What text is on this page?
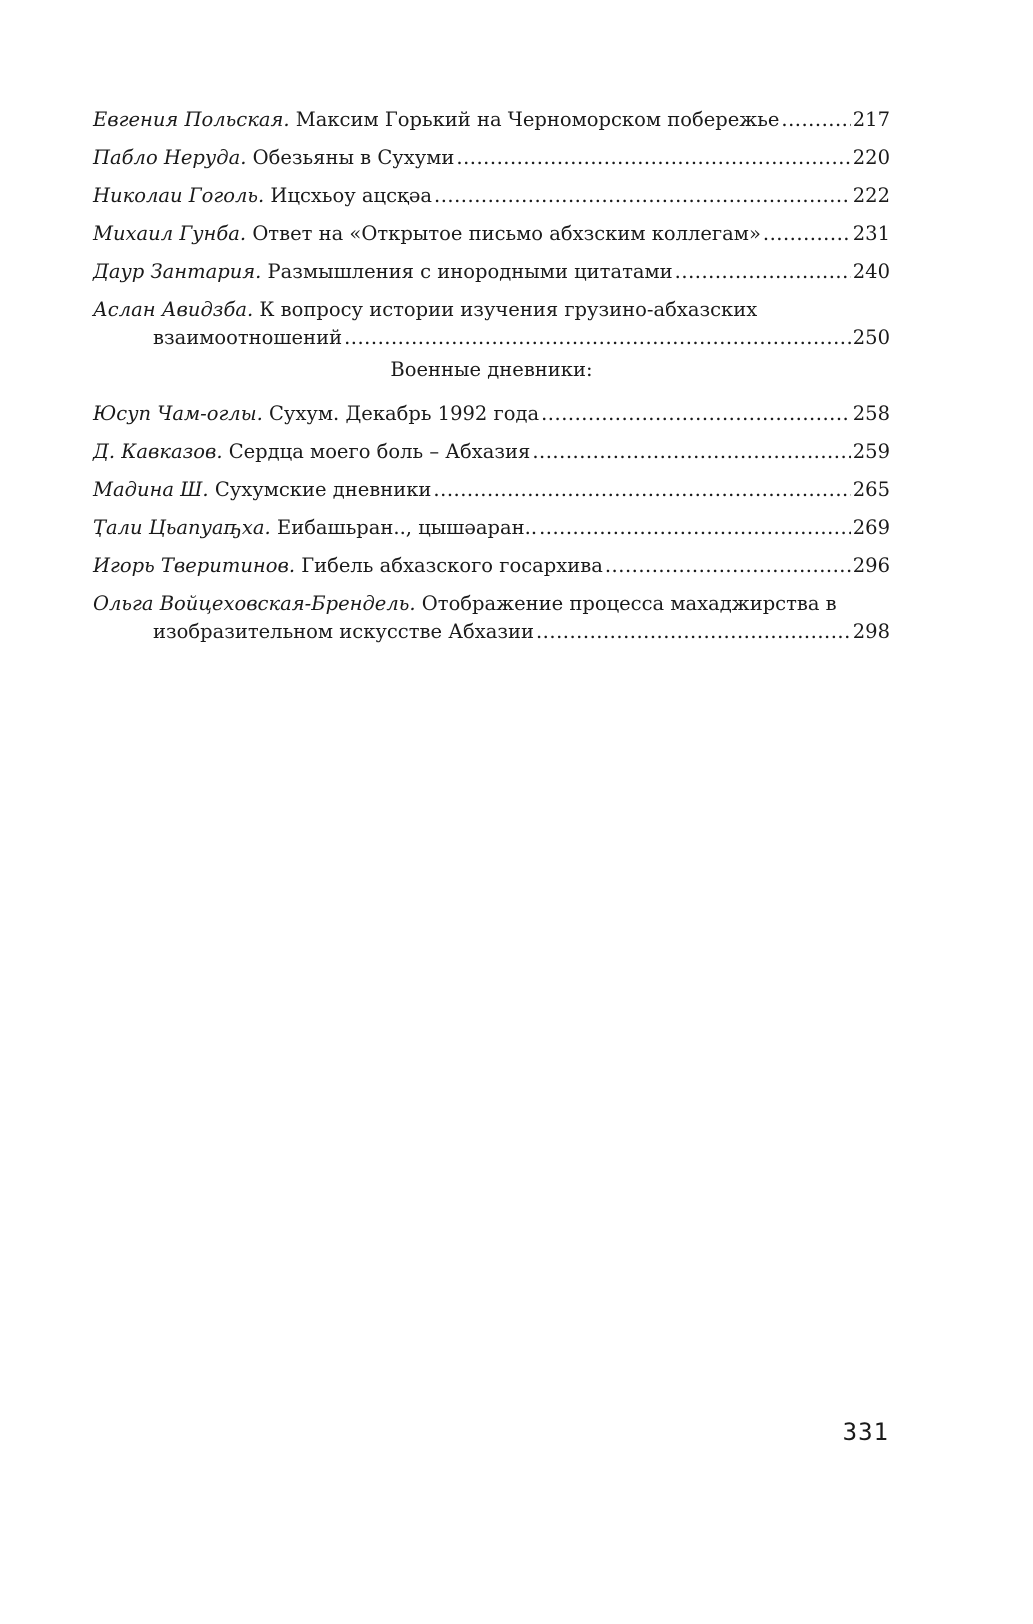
Евгения Польская. Максим Горький на Черноморском побережье .....	217
Пабло Неруда. Обезьяны в Сухуми .....	220
Николаи Гоголь. Ицсхьоу ацсқәа .....	222
Михаил Гунба. Ответ на «Открытое письмо абхзским коллегам» .....	231
Даур Зантария. Размышления с инородными цитатами .....	240
Аслан Авидзба. К вопросу истории изучения грузино-абхазских
взаимоотношений .....	250
Военные дневники:
Юсуп Чам-оглы. Сухум. Декабрь 1992 года .....	258
Д. Кавказов. Сердца моего боль – Абхазия .....	259
Мадина Ш. Сухумские дневники .....	265
Ҭали Цьапуаҧха. Еибашьран.., цышәаран.. .....	269
Игорь Тверитинов. Гибель абхазского госархива .....	296
Ольга Войцеховская-Брендель. Отображение процесса махаджирства в
изобразительном искусстве Абхазии .....	298
331
